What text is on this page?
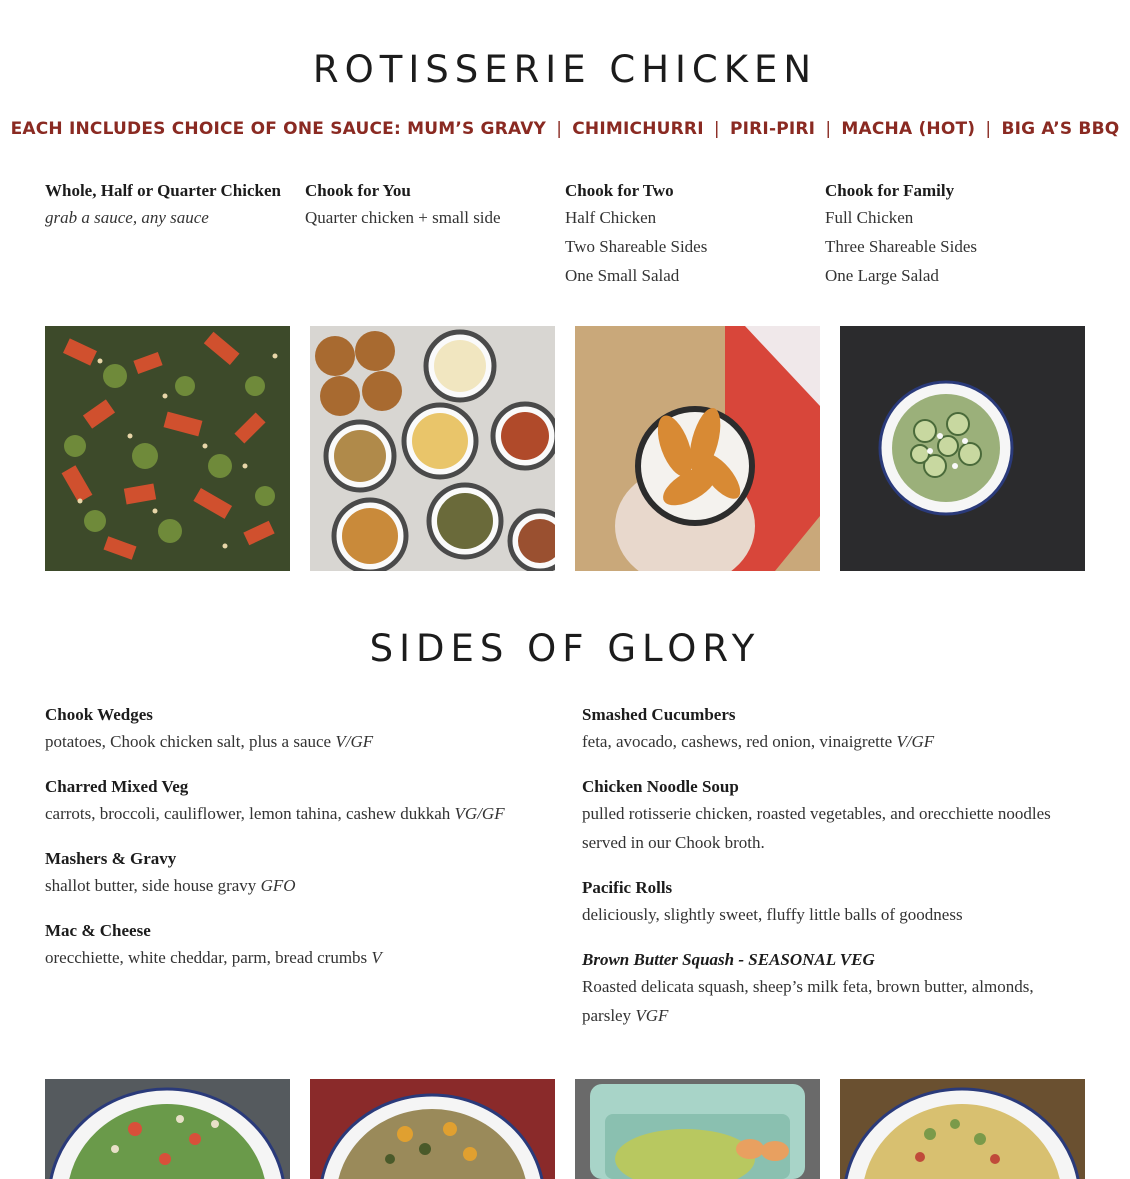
ROTISSERIE CHICKEN
EACH INCLUDES CHOICE OF ONE SAUCE: MUM’S GRAVY | CHIMICHURRI | PIRI-PIRI | MACHA (HOT) | BIG A’S BBQ
Whole, Half or Quarter Chicken
grab a sauce, any sauce
Chook for You
Quarter chicken + small side
Chook for Two
Half Chicken
Two Shareable Sides
One Small Salad
Chook for Family
Full Chicken
Three Shareable Sides
One Large Salad
SIDES OF GLORY
Chook Wedges
potatoes, Chook chicken salt, plus a sauce V/GF
Charred Mixed Veg
carrots, broccoli, cauliflower, lemon tahina, cashew dukkah VG/GF
Mashers & Gravy
shallot butter, side house gravy GFO
Mac & Cheese
orecchiette, white cheddar, parm, bread crumbs V
Smashed Cucumbers
feta, avocado, cashews, red onion, vinaigrette V/GF
Chicken Noodle Soup
pulled rotisserie chicken, roasted vegetables, and orecchiette noodles served in our Chook broth.
Pacific Rolls
deliciously, slightly sweet, fluffy little balls of goodness
Brown Butter Squash - SEASONAL VEG
Roasted delicata squash, sheep’s milk feta, brown butter, almonds, parsley VGF
